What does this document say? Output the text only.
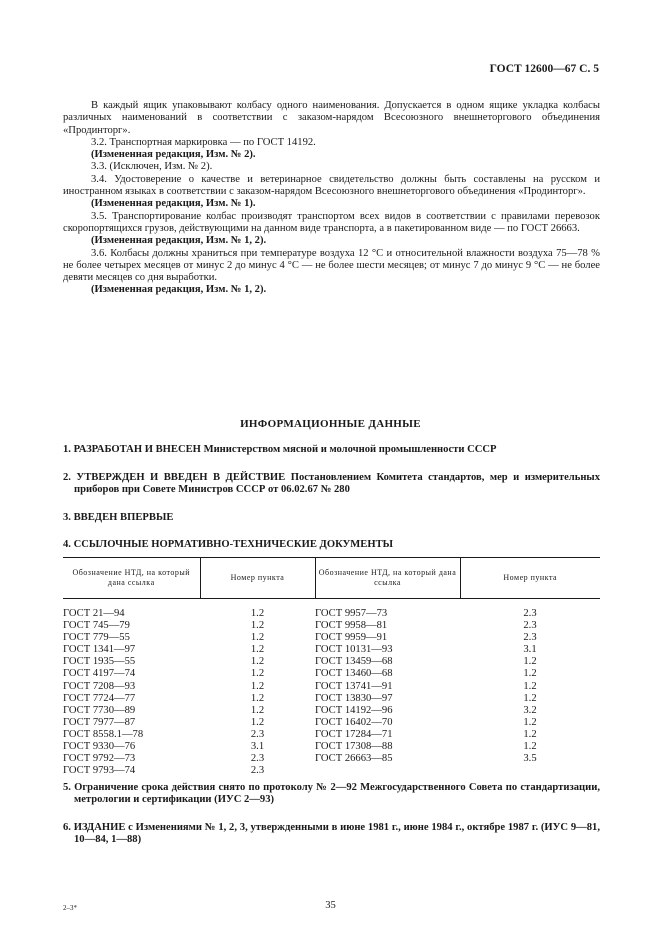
ГОСТ 12600—67 С. 5

В каждый ящик упаковывают колбасу одного наименования. Допускается в одном ящике укладка колбасы различных наименований в соответствии с заказом-нарядом Всесоюзного внешнеторгового объединения «Продинторг».

3.2. Транспортная маркировка — по ГОСТ 14192.

(Измененная редакция, Изм. № 2).

3.3. (Исключен, Изм. № 2).

3.4. Удостоверение о качестве и ветеринарное свидетельство должны быть составлены на русском и иностранном языках в соответствии с заказом-нарядом Всесоюзного внешнеторгового объединения «Продинторг».

(Измененная редакция, Изм. № 1).

3.5. Транспортирование колбас производят транспортом всех видов в соответствии с правилами перевозок скоропортящихся грузов, действующими на данном виде транспорта, а в пакетированном виде — по ГОСТ 26663.

(Измененная редакция, Изм. № 1, 2).

3.6. Колбасы должны храниться при температуре воздуха 12 °С и относительной влажности воздуха 75—78 % не более четырех месяцев от минус 2 до минус 4 °С — не более шести месяцев; от минус 7 до минус 9 °С — не более девяти месяцев со дня выработки.

(Измененная редакция, Изм. № 1, 2).

ИНФОРМАЦИОННЫЕ ДАННЫЕ
1. РАЗРАБОТАН И ВНЕСЕН Министерством мясной и молочной промышленности СССР
2. УТВЕРЖДЕН И ВВЕДЕН В ДЕЙСТВИЕ Постановлением Комитета стандартов, мер и измерительных приборов при Совете Министров СССР от 06.02.67 № 280
3. ВВЕДЕН ВПЕРВЫЕ
4. ССЫЛОЧНЫЕ НОРМАТИВНО-ТЕХНИЧЕСКИЕ ДОКУМЕНТЫ
Обозначение НТД, на который дана ссылка	Номер пункта	Обозначение НТД, на который дана ссылка	Номер пункта
ГОСТ 21—94	1.2	ГОСТ 9957—73	2.3
ГОСТ 745—79	1.2	ГОСТ 9958—81	2.3
ГОСТ 779—55	1.2	ГОСТ 9959—91	2.3
ГОСТ 1341—97	1.2	ГОСТ 10131—93	3.1
ГОСТ 1935—55	1.2	ГОСТ 13459—68	1.2
ГОСТ 4197—74	1.2	ГОСТ 13460—68	1.2
ГОСТ 7208—93	1.2	ГОСТ 13741—91	1.2
ГОСТ 7724—77	1.2	ГОСТ 13830—97	1.2
ГОСТ 7730—89	1.2	ГОСТ 14192—96	3.2
ГОСТ 7977—87	1.2	ГОСТ 16402—70	1.2
ГОСТ 8558.1—78	2.3	ГОСТ 17284—71	1.2
ГОСТ 9330—76	3.1	ГОСТ 17308—88	1.2
ГОСТ 9792—73	2.3	ГОСТ 26663—85	3.5
ГОСТ 9793—74	2.3		
5. Ограничение срока действия снято по протоколу № 2—92 Межгосударственного Совета по стандартизации, метрологии и сертификации (ИУС 2—93)
6. ИЗДАНИЕ с Изменениями № 1, 2, 3, утвержденными в июне 1981 г., июне 1984 г., октябре 1987 г. (ИУС 9—81, 10—84, 1—88)
2–3*	35
